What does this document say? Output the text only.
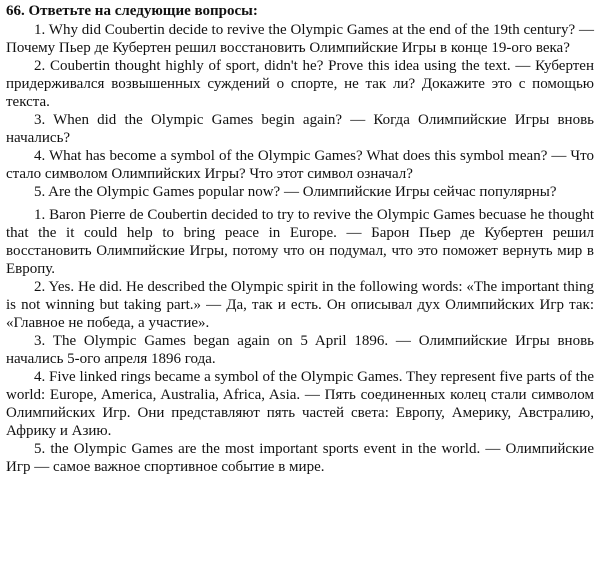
66. Ответьте на следующие вопросы:

1. Why did Coubertin decide to revive the Olympic Games at the end of the 19th century? — Почему Пьер де Кубертен решил восстановить Олимпийские Игры в конце 19-ого века?

2. Coubertin thought highly of sport, didn't he? Prove this idea using the text. — Кубертен придерживался возвышенных суждений о спорте, не так ли? Докажите это с помощью текста.

3. When did the Olympic Games begin again? — Когда Олимпийские Игры вновь начались?

4. What has become a symbol of the Olympic Games? What does this symbol mean? — Что стало символом Олимпийских Игры? Что этот символ означал?

5. Are the Olympic Games popular now? — Олимпийские Игры сейчас популярны?

1. Baron Pierre de Coubertin decided to try to revive the Olympic Games becuase he thought that the it could help to bring peace in Europe. — Барон Пьер де Кубертен решил восстановить Олимпийские Игры, потому что он подумал, что это поможет вернуть мир в Европу.

2. Yes. He did. He described the Olympic spirit in the following words: «The important thing is not winning but taking part.» — Да, так и есть. Он описывал дух Олимпийских Игр так: «Главное не победа, а участие».

3. The Olympic Games began again on 5 April 1896. — Олимпийские Игры вновь начались 5-ого апреля 1896 года.

4. Five linked rings became a symbol of the Olympic Games. They represent five parts of the world: Europe, America, Australia, Africa, Asia. — Пять соединенных колец стали символом Олимпийских Игр. Они представляют пять частей света: Европу, Америку, Австралию, Африку и Азию.

5. the Olympic Games are the most important sports event in the world. — Олимпийские Игр — самое важное спортивное событие в мире.
